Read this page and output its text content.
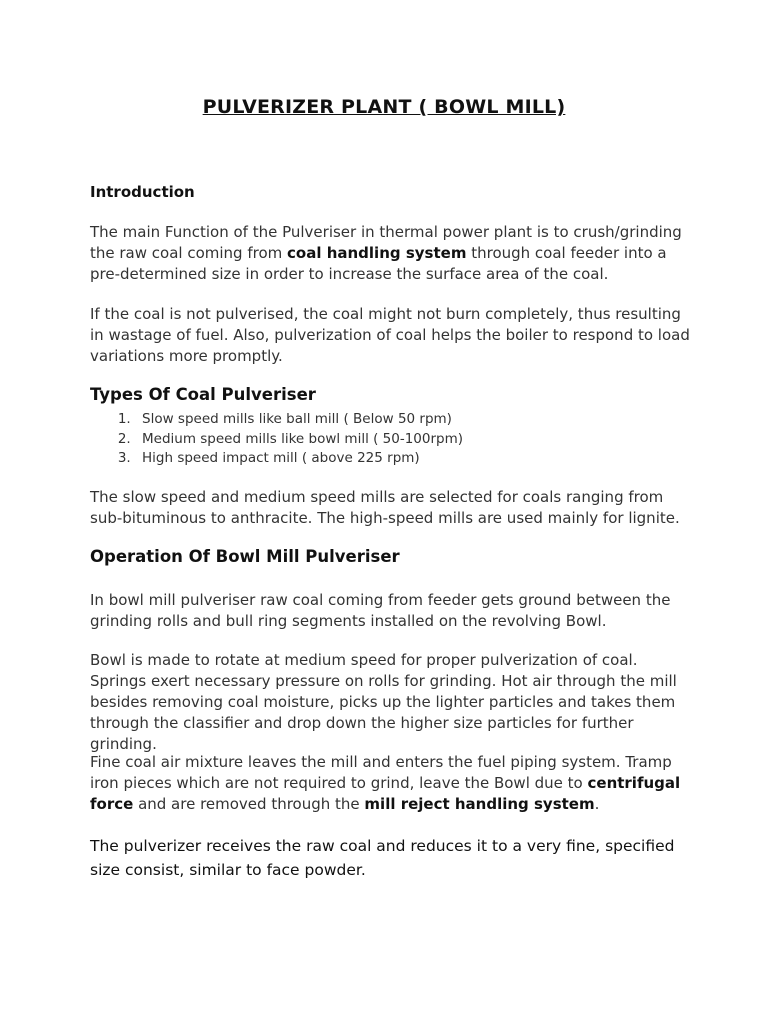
PULVERIZER PLANT ( BOWL MILL)
Introduction
The main Function of the Pulveriser in thermal power plant is to crush/grinding the raw coal coming from coal handling system through coal feeder into a pre-determined size in order to increase the surface area of the coal.
If the coal is not pulverised, the coal might not burn completely, thus resulting in wastage of fuel. Also, pulverization of coal helps the boiler to respond to load variations more promptly.
Types Of Coal Pulveriser
1. Slow speed mills like ball mill ( Below 50 rpm)
2. Medium speed mills like bowl mill ( 50-100rpm)
3. High speed impact mill ( above 225 rpm)
The slow speed and medium speed mills are selected for coals ranging from sub-bituminous to anthracite. The high-speed mills are used mainly for lignite.
Operation Of Bowl Mill Pulveriser
In bowl mill pulveriser raw coal coming from feeder gets ground between the grinding rolls and bull ring segments installed on the revolving Bowl.
Bowl is made to rotate at medium speed for proper pulverization of coal. Springs exert necessary pressure on rolls for grinding. Hot air through the mill besides removing coal moisture, picks up the lighter particles and takes them through the classifier and drop down the higher size particles for further grinding.
Fine coal air mixture leaves the mill and enters the fuel piping system. Tramp iron pieces which are not required to grind, leave the Bowl due to centrifugal force and are removed through the mill reject handling system.
The pulverizer receives the raw coal and reduces it to a very fine, specified size consist, similar to face powder.
